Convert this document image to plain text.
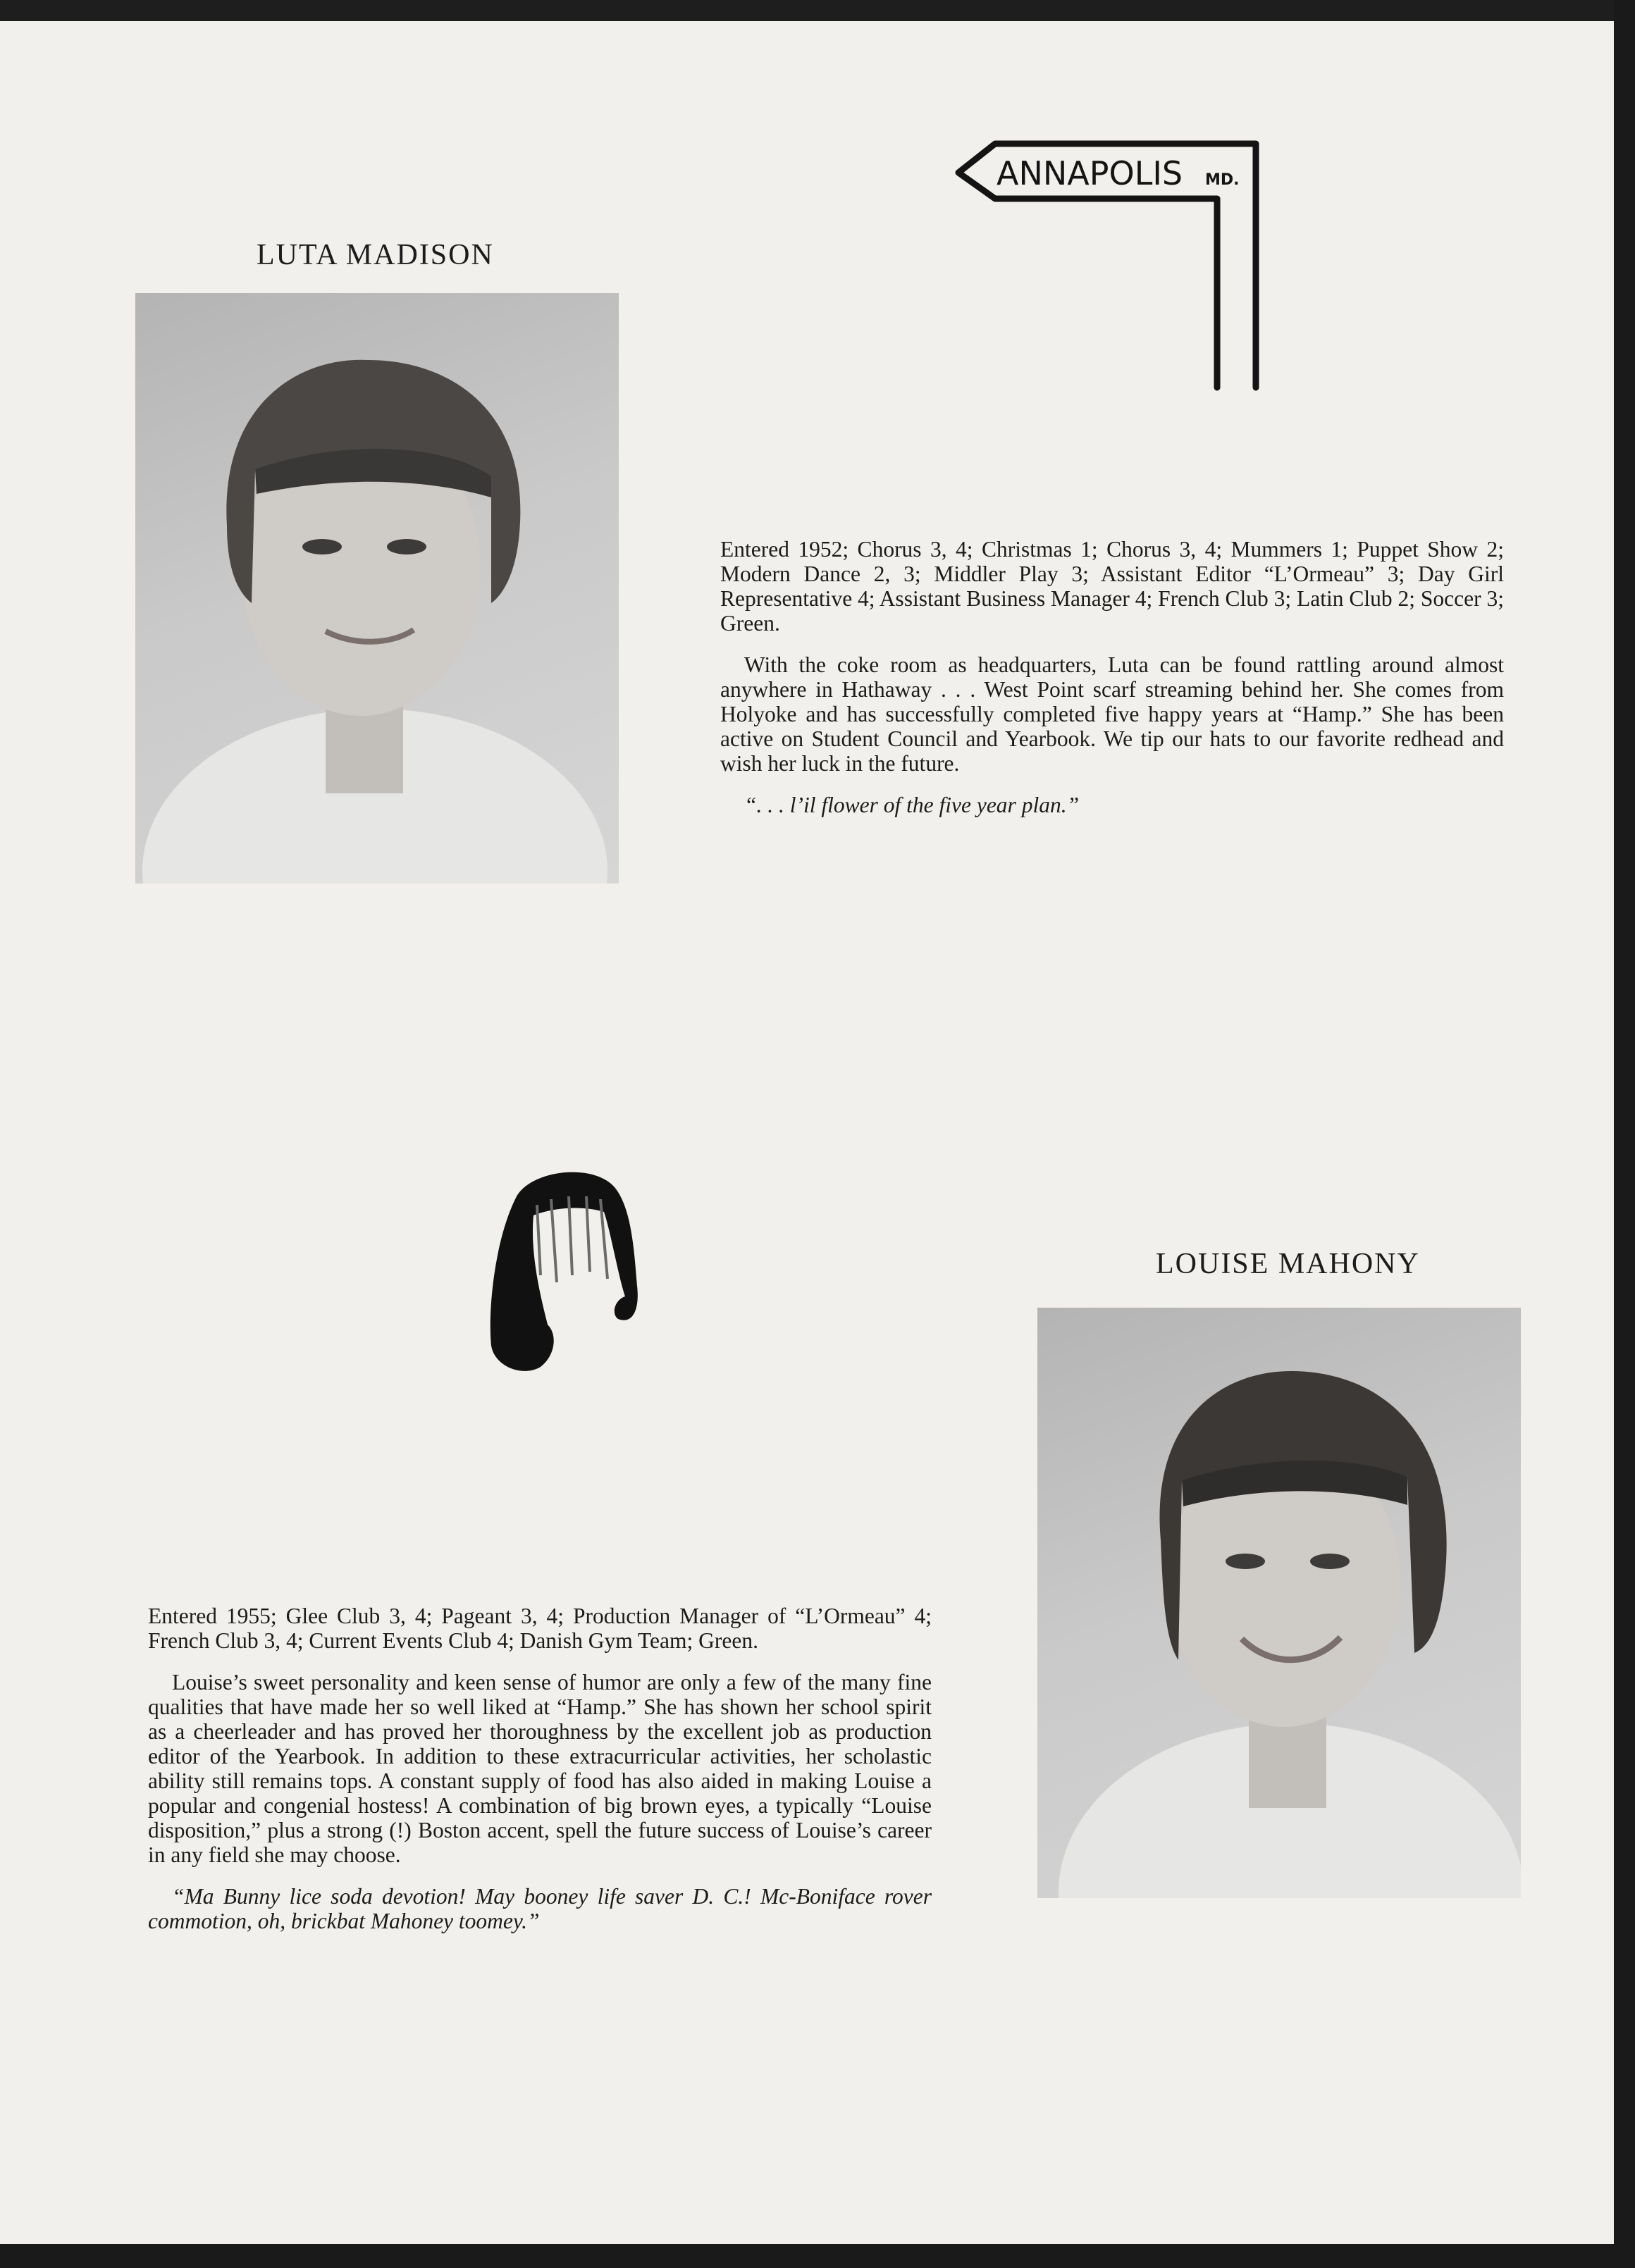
LUTA MADISON
ANNAPOLIS MD.

Entered 1952; Chorus 3, 4; Christmas 1; Chorus 3, 4; Mummers 1; Puppet Show 2; Modern Dance 2, 3; Middler Play 3; Assistant Editor “L’Ormeau” 3; Day Girl Representative 4; Assistant Business Manager 4; French Club 3; Latin Club 2; Soccer 3; Green.

With the coke room as headquarters, Luta can be found rattling around almost anywhere in Hathaway . . . West Point scarf streaming behind her. She comes from Holyoke and has successfully completed five happy years at “Hamp.” She has been active on Student Council and Yearbook. We tip our hats to our favorite redhead and wish her luck in the future.

“. . . l’il flower of the five year plan.”

LOUISE MAHONY

Entered 1955; Glee Club 3, 4; Pageant 3, 4; Production Manager of “L’Ormeau” 4; French Club 3, 4; Current Events Club 4; Danish Gym Team; Green.

Louise’s sweet personality and keen sense of humor are only a few of the many fine qualities that have made her so well liked at “Hamp.” She has shown her school spirit as a cheerleader and has proved her thoroughness by the excellent job as production editor of the Yearbook. In addition to these extracurricular activities, her scholastic ability still remains tops. A constant supply of food has also aided in making Louise a popular and congenial hostess! A combination of big brown eyes, a typically “Louise disposition,” plus a strong (!) Boston accent, spell the future success of Louise’s career in any field she may choose.

“Ma Bunny lice soda devotion! May booney life saver D. C.! Mc-Boniface rover commotion, oh, brickbat Mahoney toomey.”
